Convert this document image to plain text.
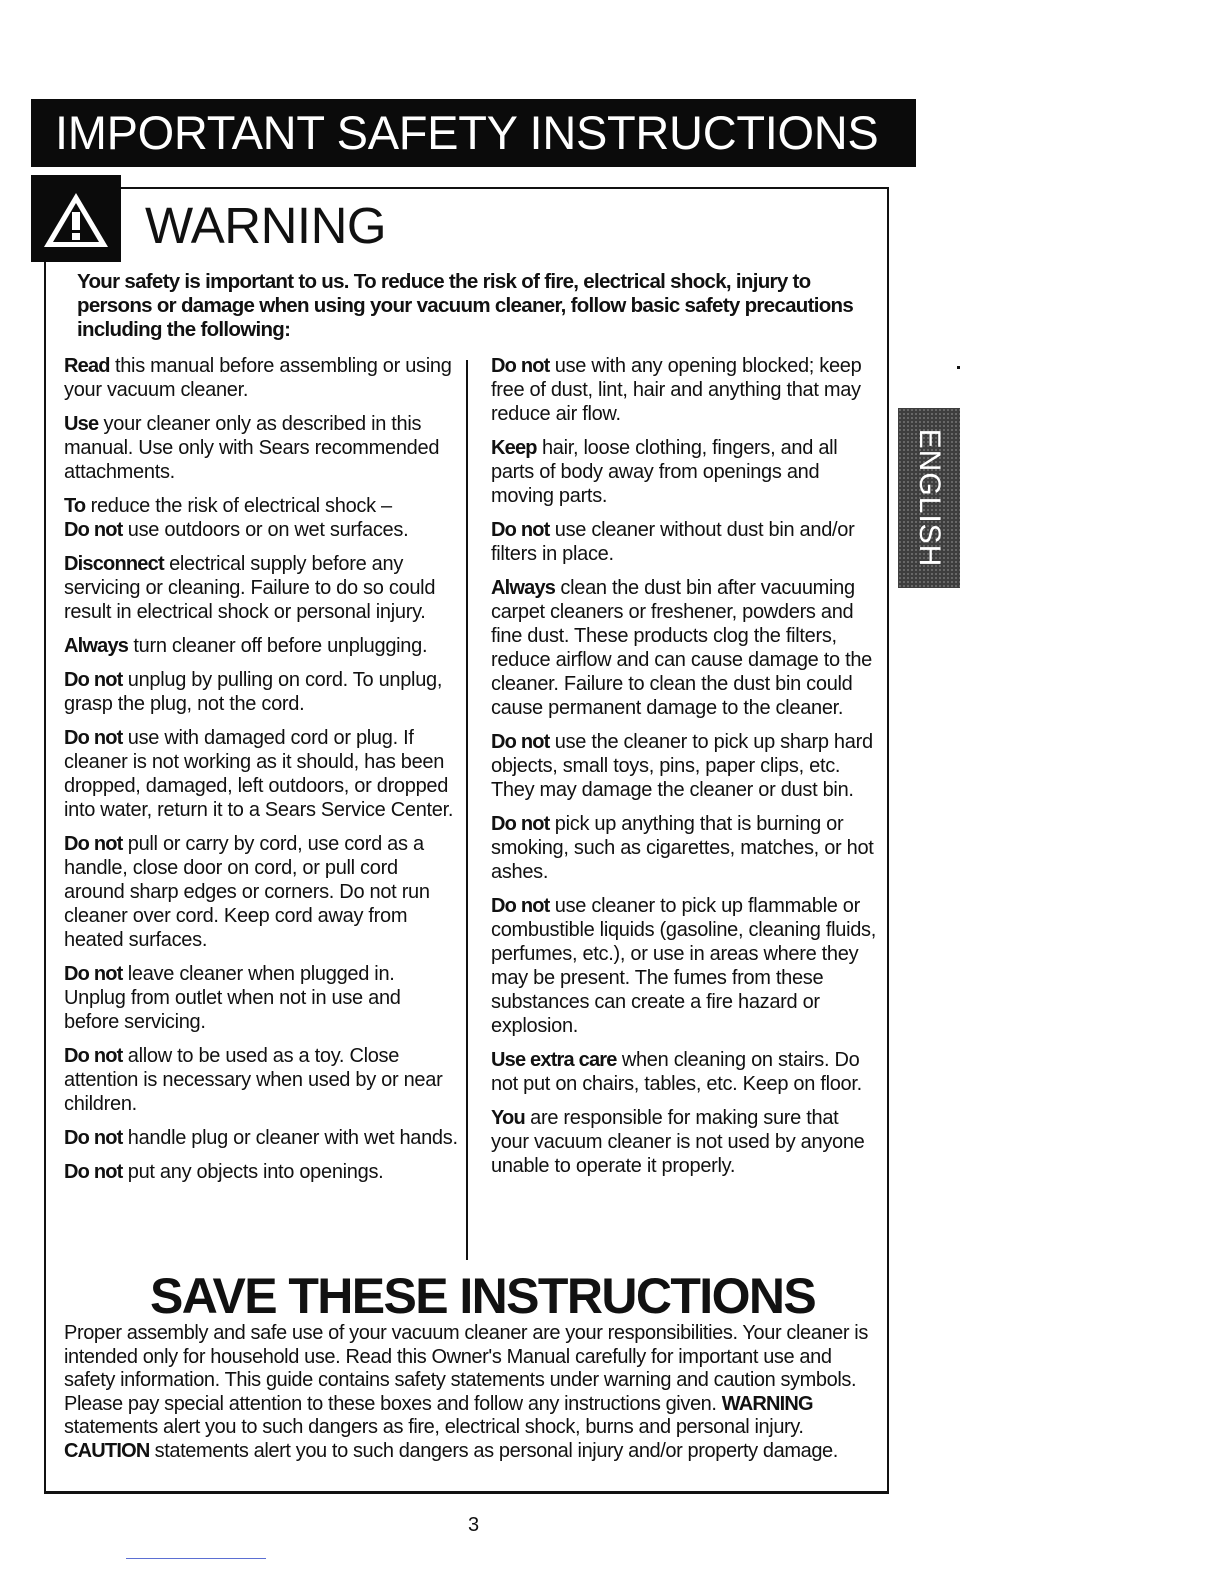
IMPORTANT SAFETY INSTRUCTIONS
WARNING
Your safety is important to us. To reduce the risk of fire, electrical shock, injury to persons or damage when using your vacuum cleaner, follow basic safety precautions including the following:

Read this manual before assembling or using your vacuum cleaner.

Use your cleaner only as described in this manual. Use only with Sears recommended attachments.

To reduce the risk of electrical shock –
Do not use outdoors or on wet surfaces.

Disconnect electrical supply before any servicing or cleaning. Failure to do so could result in electrical shock or personal injury.

Always turn cleaner off before unplugging.

Do not unplug by pulling on cord. To unplug, grasp the plug, not the cord.

Do not use with damaged cord or plug. If cleaner is not working as it should, has been dropped, damaged, left outdoors, or dropped into water, return it to a Sears Service Center.

Do not pull or carry by cord, use cord as a handle, close door on cord, or pull cord around sharp edges or corners. Do not run cleaner over cord. Keep cord away from heated surfaces.

Do not leave cleaner when plugged in. Unplug from outlet when not in use and before servicing.

Do not allow to be used as a toy. Close attention is necessary when used by or near children.

Do not handle plug or cleaner with wet hands.

Do not put any objects into openings.

Do not use with any opening blocked; keep free of dust, lint, hair and anything that may reduce air flow.

Keep hair, loose clothing, fingers, and all parts of body away from openings and moving parts.

Do not use cleaner without dust bin and/or filters in place.

Always clean the dust bin after vacuuming carpet cleaners or freshener, powders and fine dust. These products clog the filters, reduce airflow and can cause damage to the cleaner. Failure to clean the dust bin could cause permanent damage to the cleaner.

Do not use the cleaner to pick up sharp hard objects, small toys, pins, paper clips, etc. They may damage the cleaner or dust bin.

Do not pick up anything that is burning or smoking, such as cigarettes, matches, or hot ashes.

Do not use cleaner to pick up flammable or combustible liquids (gasoline, cleaning fluids, perfumes, etc.), or use in areas where they may be present. The fumes from these substances can create a fire hazard or explosion.

Use extra care when cleaning on stairs. Do not put on chairs, tables, etc. Keep on floor.

You are responsible for making sure that your vacuum cleaner is not used by anyone unable to operate it properly.

SAVE THESE INSTRUCTIONS
Proper assembly and safe use of your vacuum cleaner are your responsibilities. Your cleaner is intended only for household use. Read this Owner's Manual carefully for important use and safety information. This guide contains safety statements under warning and caution symbols. Please pay special attention to these boxes and follow any instructions given. WARNING statements alert you to such dangers as fire, electrical shock, burns and personal injury. CAUTION statements alert you to such dangers as personal injury and/or property damage.
ENGLISH
3
